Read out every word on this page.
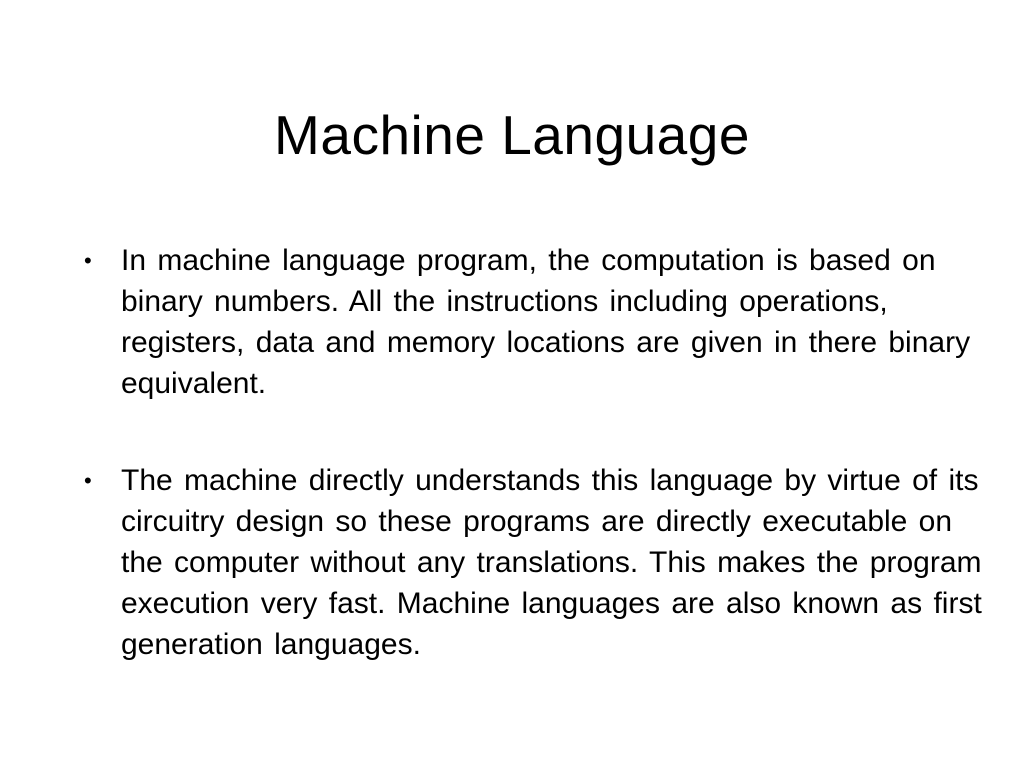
Machine Language
• In machine language program, the computation is based on binary numbers. All the instructions including operations, registers, data and memory locations are given in there binary equivalent.
• The machine directly understands this language by virtue of its circuitry design so these programs are directly executable on the computer without any translations. This makes the program execution very fast. Machine languages are also known as first generation languages.
